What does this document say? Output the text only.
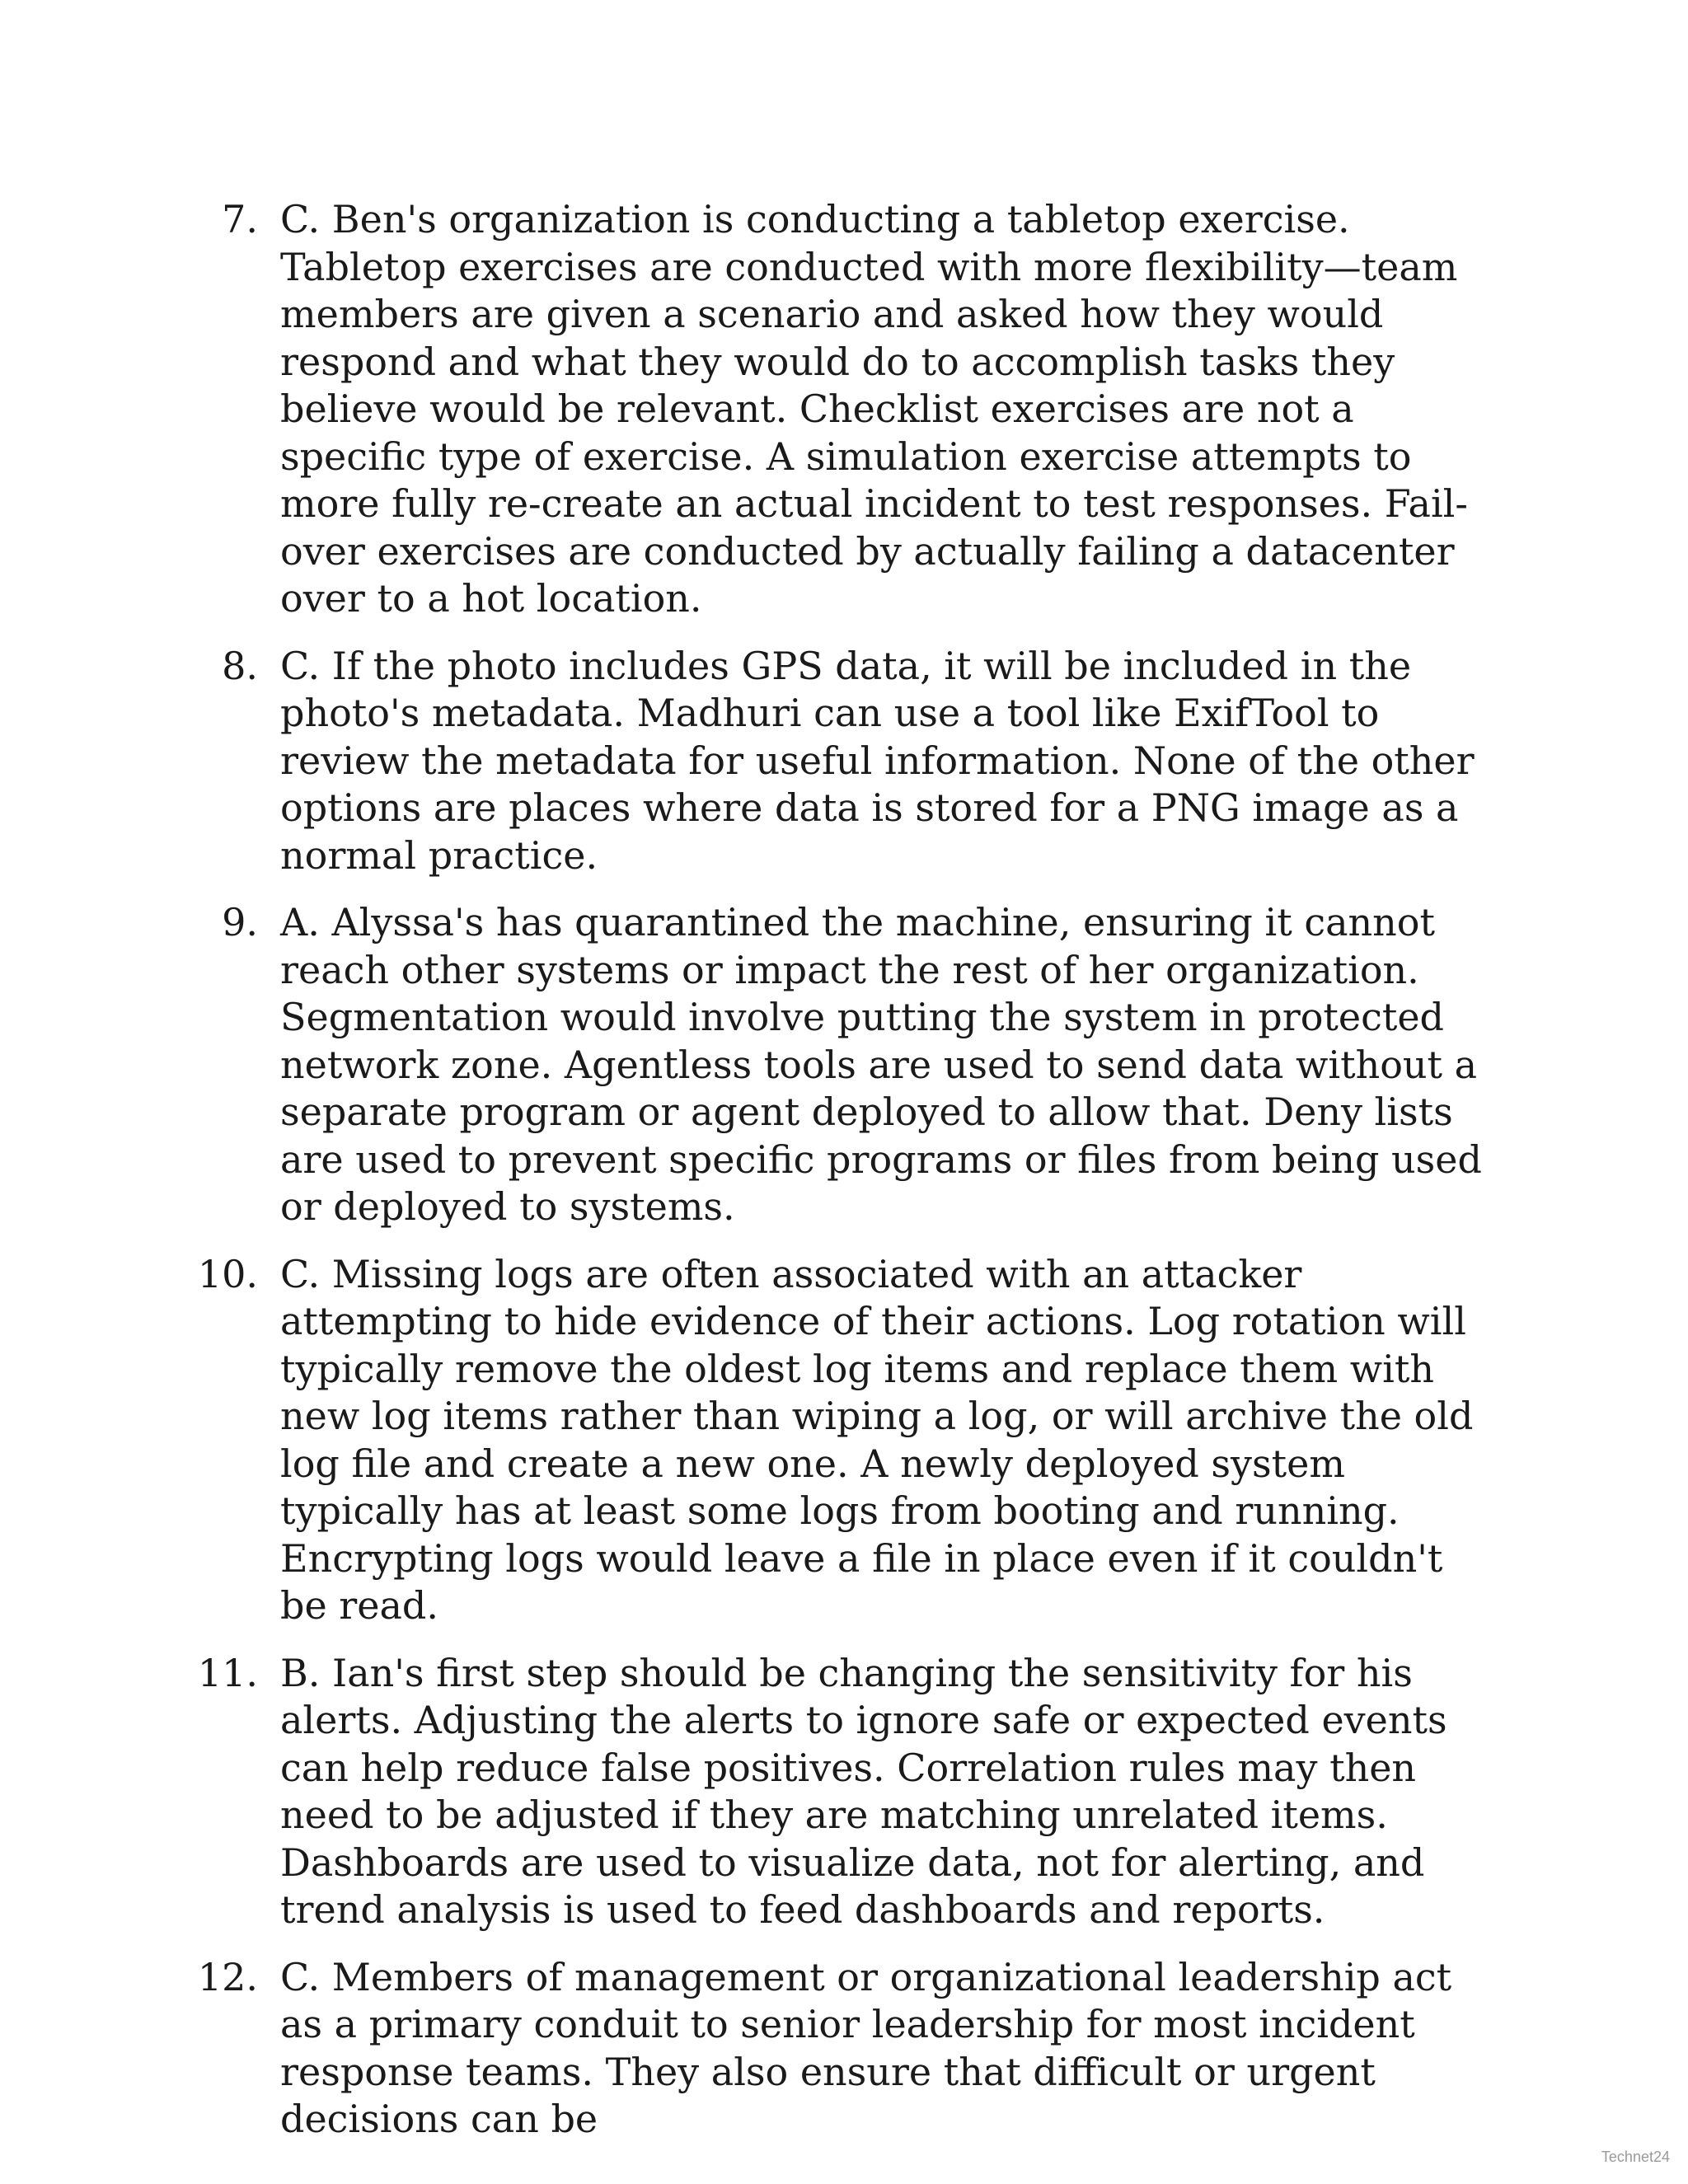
7. C. Ben's organization is conducting a tabletop exercise. Tabletop exercises are conducted with more flexibility—team members are given a scenario and asked how they would respond and what they would do to accomplish tasks they believe would be relevant. Checklist exercises are not a specific type of exercise. A simulation exercise attempts to more fully re-create an actual incident to test responses. Fail-over exercises are conducted by actually failing a datacenter over to a hot location.
8. C. If the photo includes GPS data, it will be included in the photo's metadata. Madhuri can use a tool like ExifTool to review the metadata for useful information. None of the other options are places where data is stored for a PNG image as a normal practice.
9. A. Alyssa's has quarantined the machine, ensuring it cannot reach other systems or impact the rest of her organization. Segmentation would involve putting the system in protected network zone. Agentless tools are used to send data without a separate program or agent deployed to allow that. Deny lists are used to prevent specific programs or files from being used or deployed to systems.
10. C. Missing logs are often associated with an attacker attempting to hide evidence of their actions. Log rotation will typically remove the oldest log items and replace them with new log items rather than wiping a log, or will archive the old log file and create a new one. A newly deployed system typically has at least some logs from booting and running. Encrypting logs would leave a file in place even if it couldn't be read.
11. B. Ian's first step should be changing the sensitivity for his alerts. Adjusting the alerts to ignore safe or expected events can help reduce false positives. Correlation rules may then need to be adjusted if they are matching unrelated items. Dashboards are used to visualize data, not for alerting, and trend analysis is used to feed dashboards and reports.
12. C. Members of management or organizational leadership act as a primary conduit to senior leadership for most incident response teams. They also ensure that difficult or urgent decisions can be
Technet24
